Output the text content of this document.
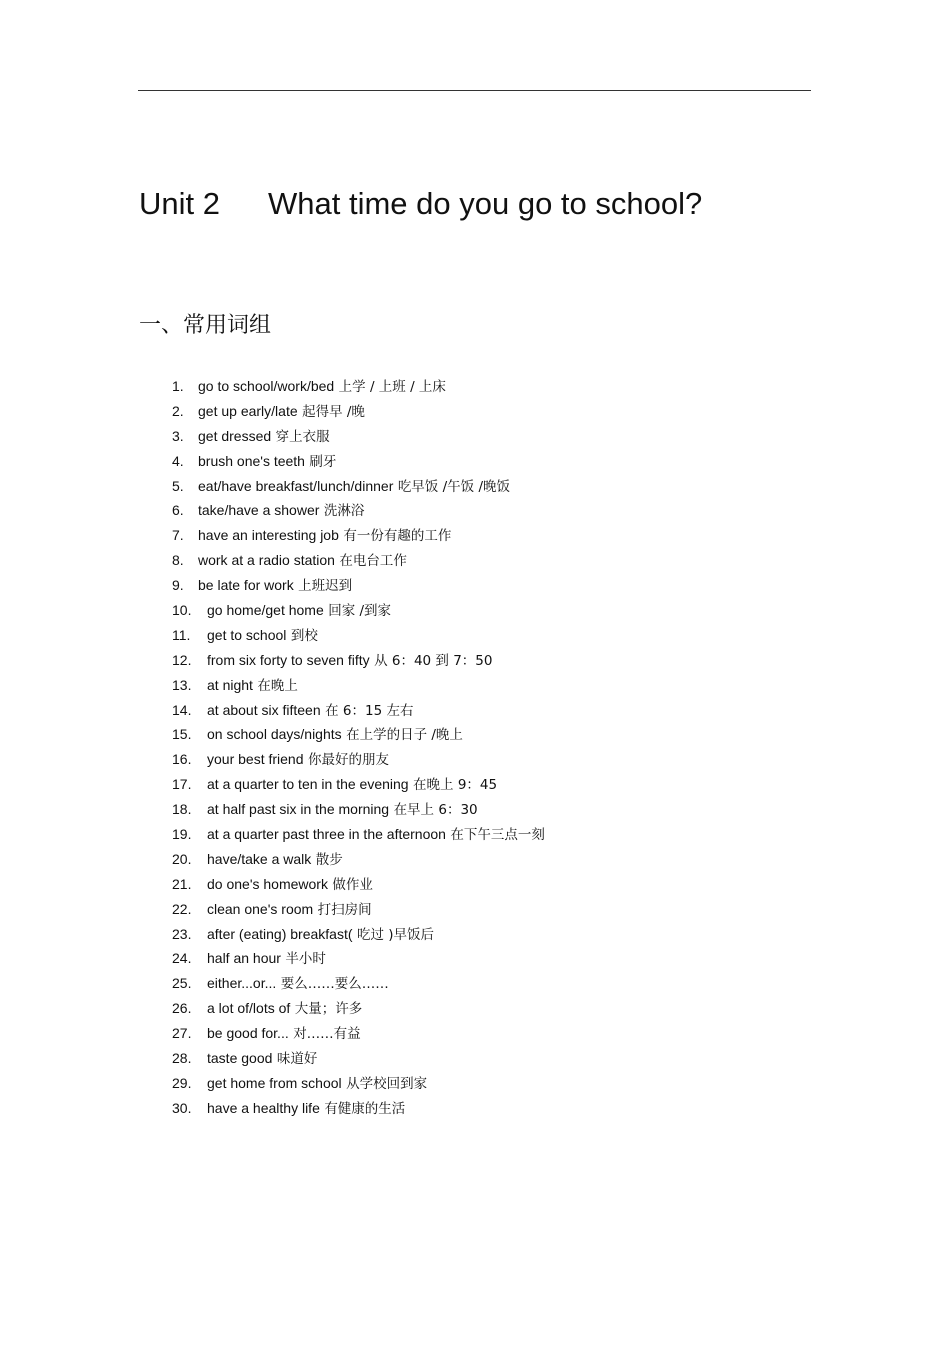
Unit 2 What time do you go to school?
一、常用词组
1. go to school/work/bed 上学 / 上班 / 上床
2. get up early/late 起得早 /晚
3. get dressed 穿上衣服
4. brush one's teeth 刷牙
5. eat/have breakfast/lunch/dinner 吃早饭 /午饭 /晚饭
6. take/have a shower 洗淋浴
7. have an interesting job 有一份有趣的工作
8. work at a radio station 在电台工作
9. be late for work 上班迟到
10. go home/get home 回家 /到家
11. get to school 到校
12. from six forty to seven fifty 从 6：40 到 7：50
13. at night 在晚上
14. at about six fifteen 在 6：15 左右
15. on school days/nights 在上学的日子 /晚上
16. your best friend 你最好的朋友
17. at a quarter to ten in the evening 在晚上 9：45
18. at half past six in the morning 在早上 6：30
19. at a quarter past three in the afternoon 在下午三点一刻
20. have/take a walk 散步
21. do one's homework 做作业
22. clean one's room 打扫房间
23. after (eating) breakfast( 吃过 )早饭后
24. half an hour 半小时
25. either...or... 要么……要么……
26. a lot of/lots of 大量；许多
27. be good for... 对……有益
28. taste good 味道好
29. get home from school 从学校回到家
30. have a healthy life 有健康的生活
